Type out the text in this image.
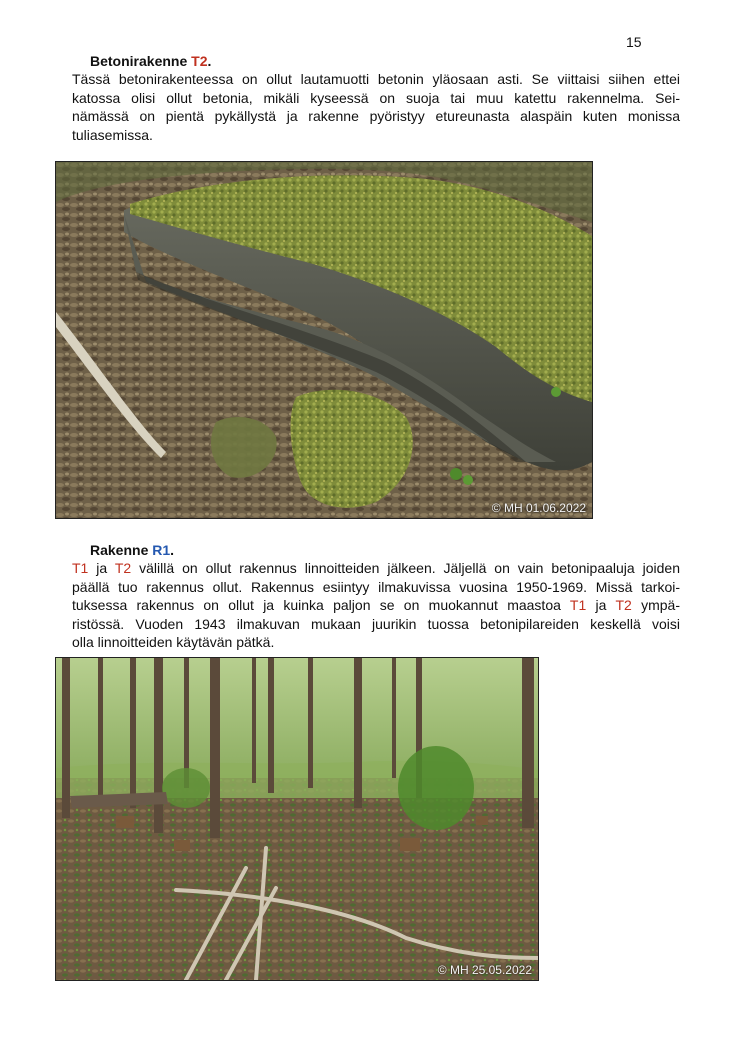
15
Betonirakenne T2.
Tässä betonirakenteessa on ollut lautamuotti betonin yläosaan asti. Se viittaisi siihen ettei
katossa olisi ollut betonia, mikäli kyseessä on suoja tai muu katettu rakennelma. Sei-
nämässä on pientä pykällystä ja rakenne pyöristyy etureunasta alaspäin kuten monissa
tuliasemissa.
© MH 01.06.2022
Rakenne R1.
T1 ja T2 välillä on ollut rakennus linnoitteiden jälkeen. Jäljellä on vain betonipaaluja joiden
päällä tuo rakennus ollut. Rakennus esiintyy ilmakuvissa vuosina 1950-1969. Missä tarkoi-
tuksessa rakennus on ollut ja kuinka paljon se on muokannut maastoa T1 ja T2 ympä-
ristössä. Vuoden 1943 ilmakuvan mukaan juurikin tuossa betonipilareiden keskellä voisi
olla linnoitteiden käytävän pätkä.
© MH 25.05.2022
